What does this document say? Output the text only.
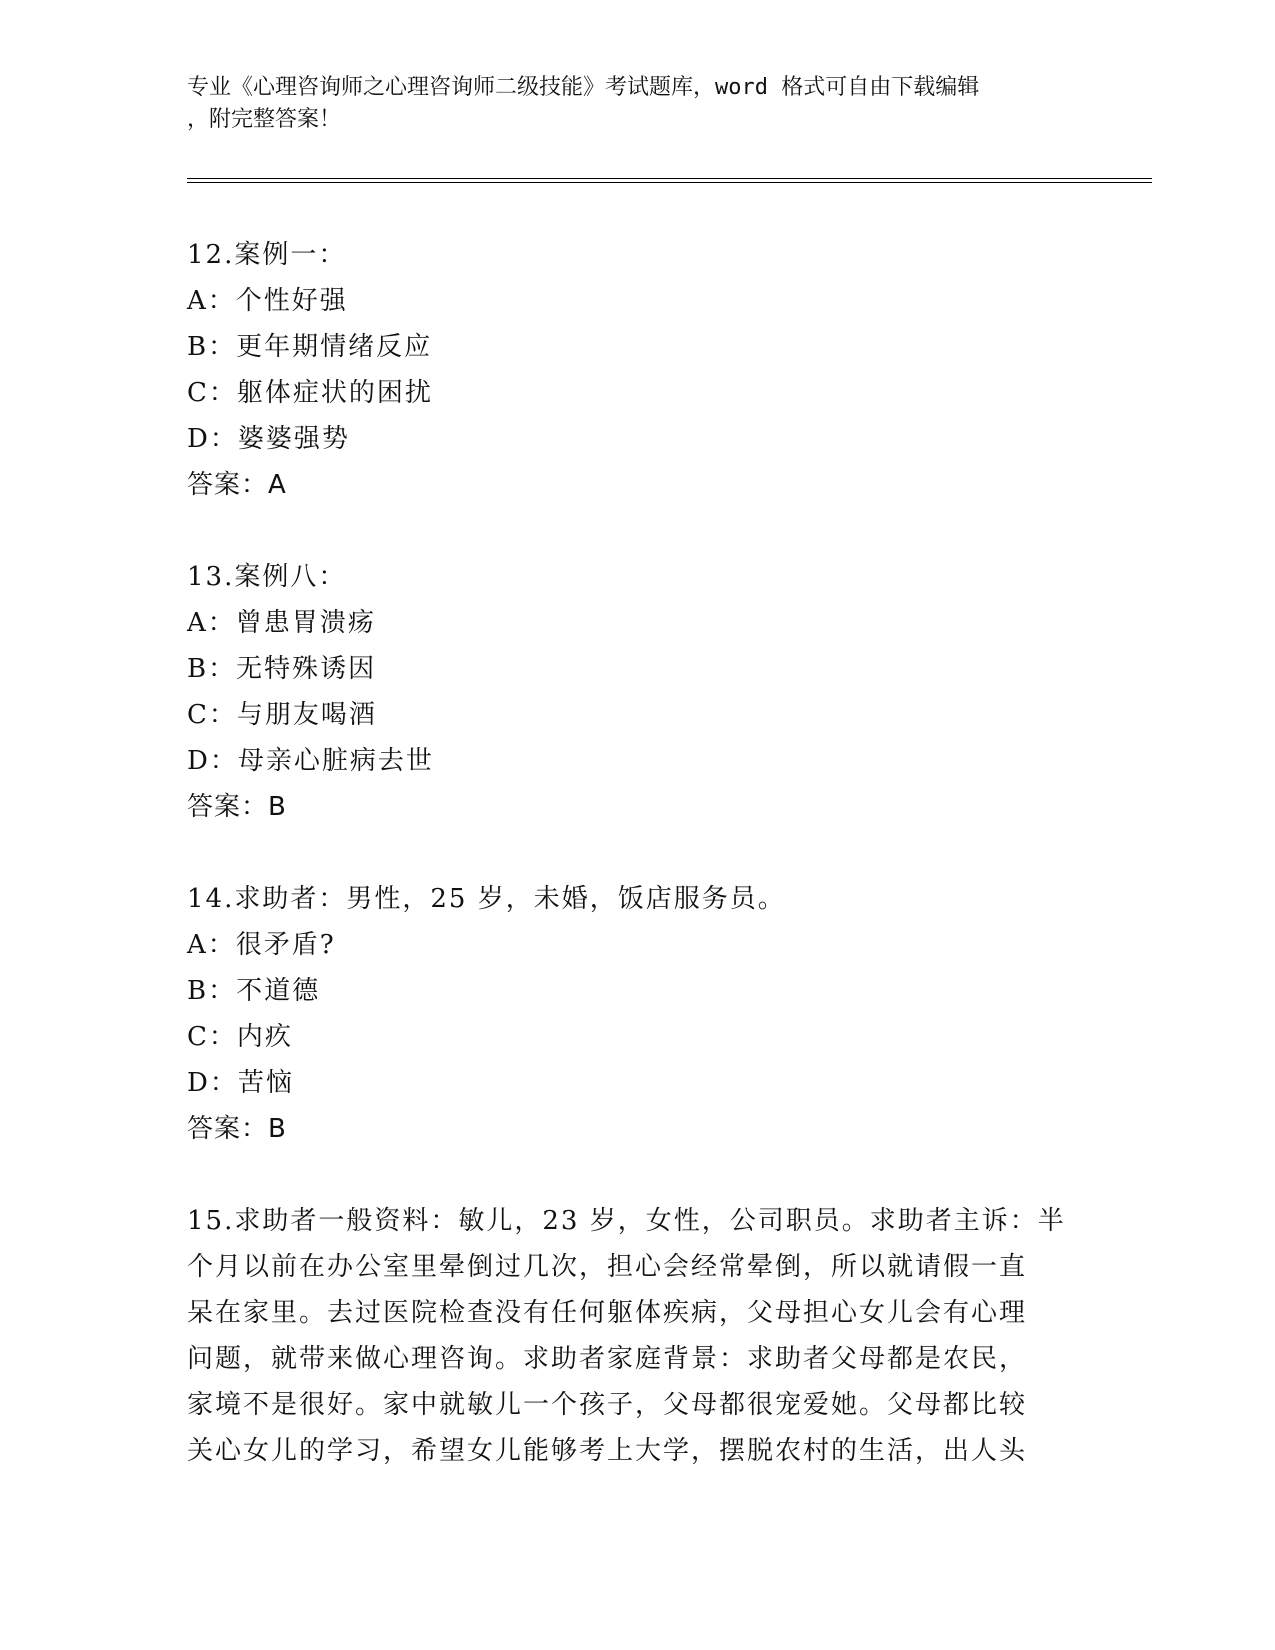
专业《心理咨询师之心理咨询师二级技能》考试题库，word 格式可自由下载编辑
，附完整答案！
12.案例一：
A：个性好强
B：更年期情绪反应
C：躯体症状的困扰
D：婆婆强势
答案：A
13.案例八：
A：曾患胃溃疡
B：无特殊诱因
C：与朋友喝酒
D：母亲心脏病去世
答案：B
14.求助者：男性，25 岁，未婚，饭店服务员。
A：很矛盾?
B：不道德
C：内疚
D：苦恼
答案：B
15.求助者一般资料：敏儿，23 岁，女性，公司职员。求助者主诉：半
个月以前在办公室里晕倒过几次，担心会经常晕倒，所以就请假一直
呆在家里。去过医院检查没有任何躯体疾病，父母担心女儿会有心理
问题，就带来做心理咨询。求助者家庭背景：求助者父母都是农民，
家境不是很好。家中就敏儿一个孩子，父母都很宠爱她。父母都比较
关心女儿的学习，希望女儿能够考上大学，摆脱农村的生活，出人头
